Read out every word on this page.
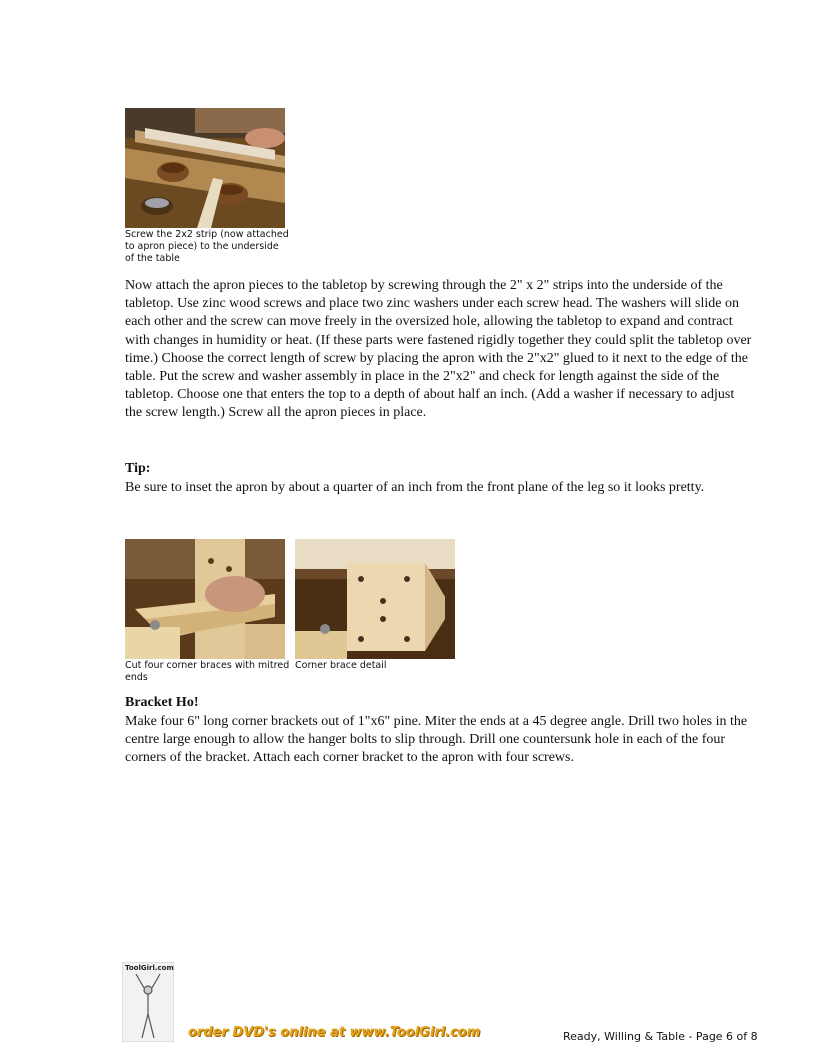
Screw the 2x2 strip (now attached to apron piece) to the underside of the table

Now attach the apron pieces to the tabletop by screwing through the 2" x 2" strips into the underside of the tabletop. Use zinc wood screws and place two zinc washers under each screw head. The washers will slide on each other and the screw can move freely in the oversized hole, allowing the tabletop to expand and contract with changes in humidity or heat. (If these parts were fastened rigidly together they could split the tabletop over time.) Choose the correct length of screw by placing the apron with the 2"x2" glued to it next to the edge of the table. Put the screw and washer assembly in place in the 2"x2" and check for length against the side of the tabletop. Choose one that enters the top to a depth of about half an inch. (Add a washer if necessary to adjust the screw length.) Screw all the apron pieces in place.

Tip:

Be sure to inset the apron by about a quarter of an inch from the front plane of the leg so it looks pretty.

Cut four corner braces with mitred ends
Corner brace detail

Bracket Ho!

Make four 6" long corner brackets out of 1"x6" pine. Miter the ends at a 45 degree angle. Drill two holes in the centre large enough to allow the hanger bolts to slip through. Drill one countersunk hole in each of the four corners of the bracket. Attach each corner bracket to the apron with four screws.

ToolGirl.com
order DVD's online at www.ToolGirl.com	Ready, Willing & Table - Page 6 of 8
